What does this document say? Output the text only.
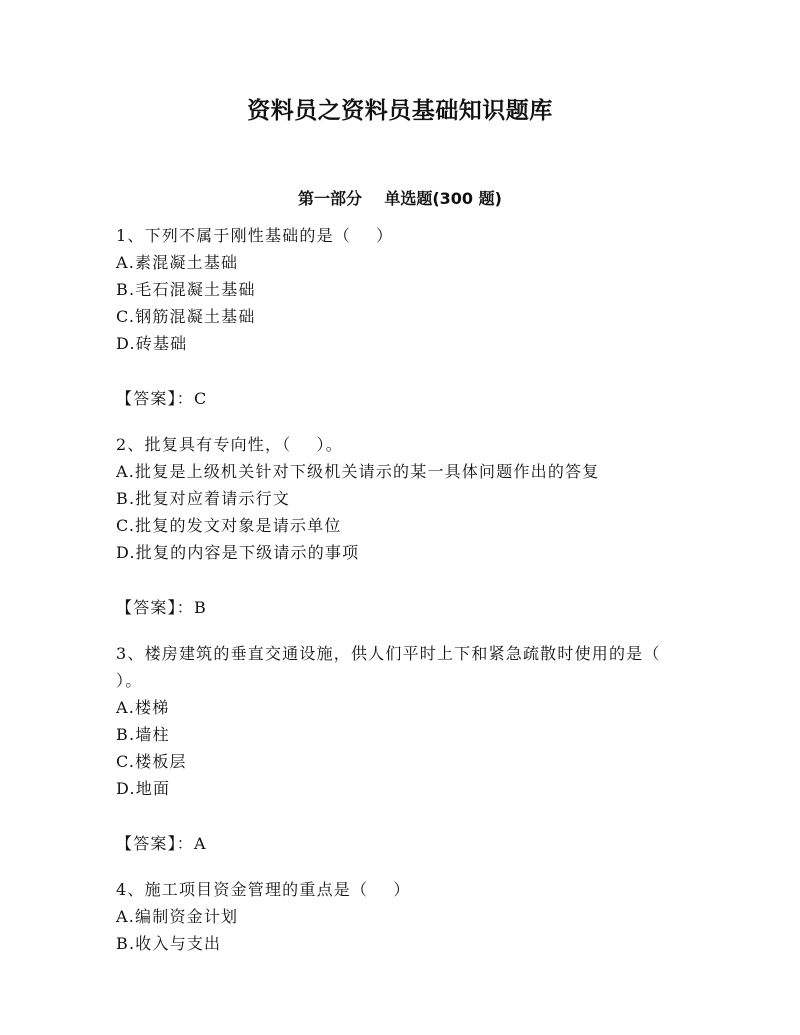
资料员之资料员基础知识题库
第一部分    单选题(300 题)
1、下列不属于刚性基础的是（    ）
A.素混凝土基础
B.毛石混凝土基础
C.钢筋混凝土基础
D.砖基础
【答案】：C
2、批复具有专向性，（    ）。
A.批复是上级机关针对下级机关请示的某一具体问题作出的答复
B.批复对应着请示行文
C.批复的发文对象是请示单位
D.批复的内容是下级请示的事项
【答案】：B
3、楼房建筑的垂直交通设施，供人们平时上下和紧急疏散时使用的是（    ）。
A.楼梯
B.墙柱
C.楼板层
D.地面
【答案】：A
4、施工项目资金管理的重点是（    ）
A.编制资金计划
B.收入与支出
